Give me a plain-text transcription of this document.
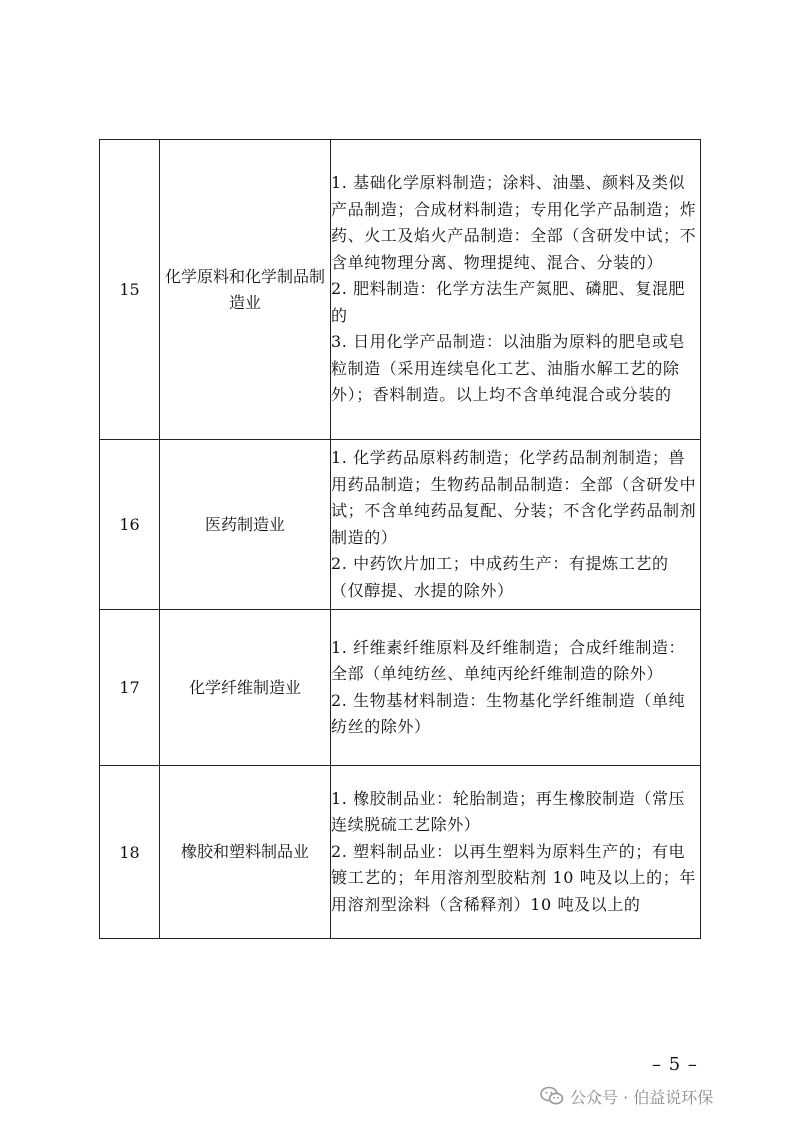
15	化学原料和化学制品制造业	1. 基础化学原料制造；涂料、油墨、颜料及类似产品制造；合成材料制造；专用化学产品制造；炸药、火工及焰火产品制造：全部（含研发中试；不含单纯物理分离、物理提纯、混合、分装的）

2. 肥料制造：化学方法生产氮肥、磷肥、复混肥的

3. 日用化学产品制造：以油脂为原料的肥皂或皂粒制造（采用连续皂化工艺、油脂水解工艺的除外）；香料制造。以上均不含单纯混合或分装的

16	医药制造业	1. 化学药品原料药制造；化学药品制剂制造；兽用药品制造；生物药品制品制造：全部（含研发中试；不含单纯药品复配、分装；不含化学药品制剂制造的）

2. 中药饮片加工；中成药生产：有提炼工艺的（仅醇提、水提的除外）

17	化学纤维制造业	1. 纤维素纤维原料及纤维制造；合成纤维制造：全部（单纯纺丝、单纯丙纶纤维制造的除外）

2. 生物基材料制造：生物基化学纤维制造（单纯纺丝的除外）

18	橡胶和塑料制品业	1. 橡胶制品业：轮胎制造；再生橡胶制造（常压连续脱硫工艺除外）

2. 塑料制品业：以再生塑料为原料生产的；有电镀工艺的；年用溶剂型胶粘剂 10 吨及以上的；年用溶剂型涂料（含稀释剂）10 吨及以上的

– 5 –
公众号 · 伯益说环保
